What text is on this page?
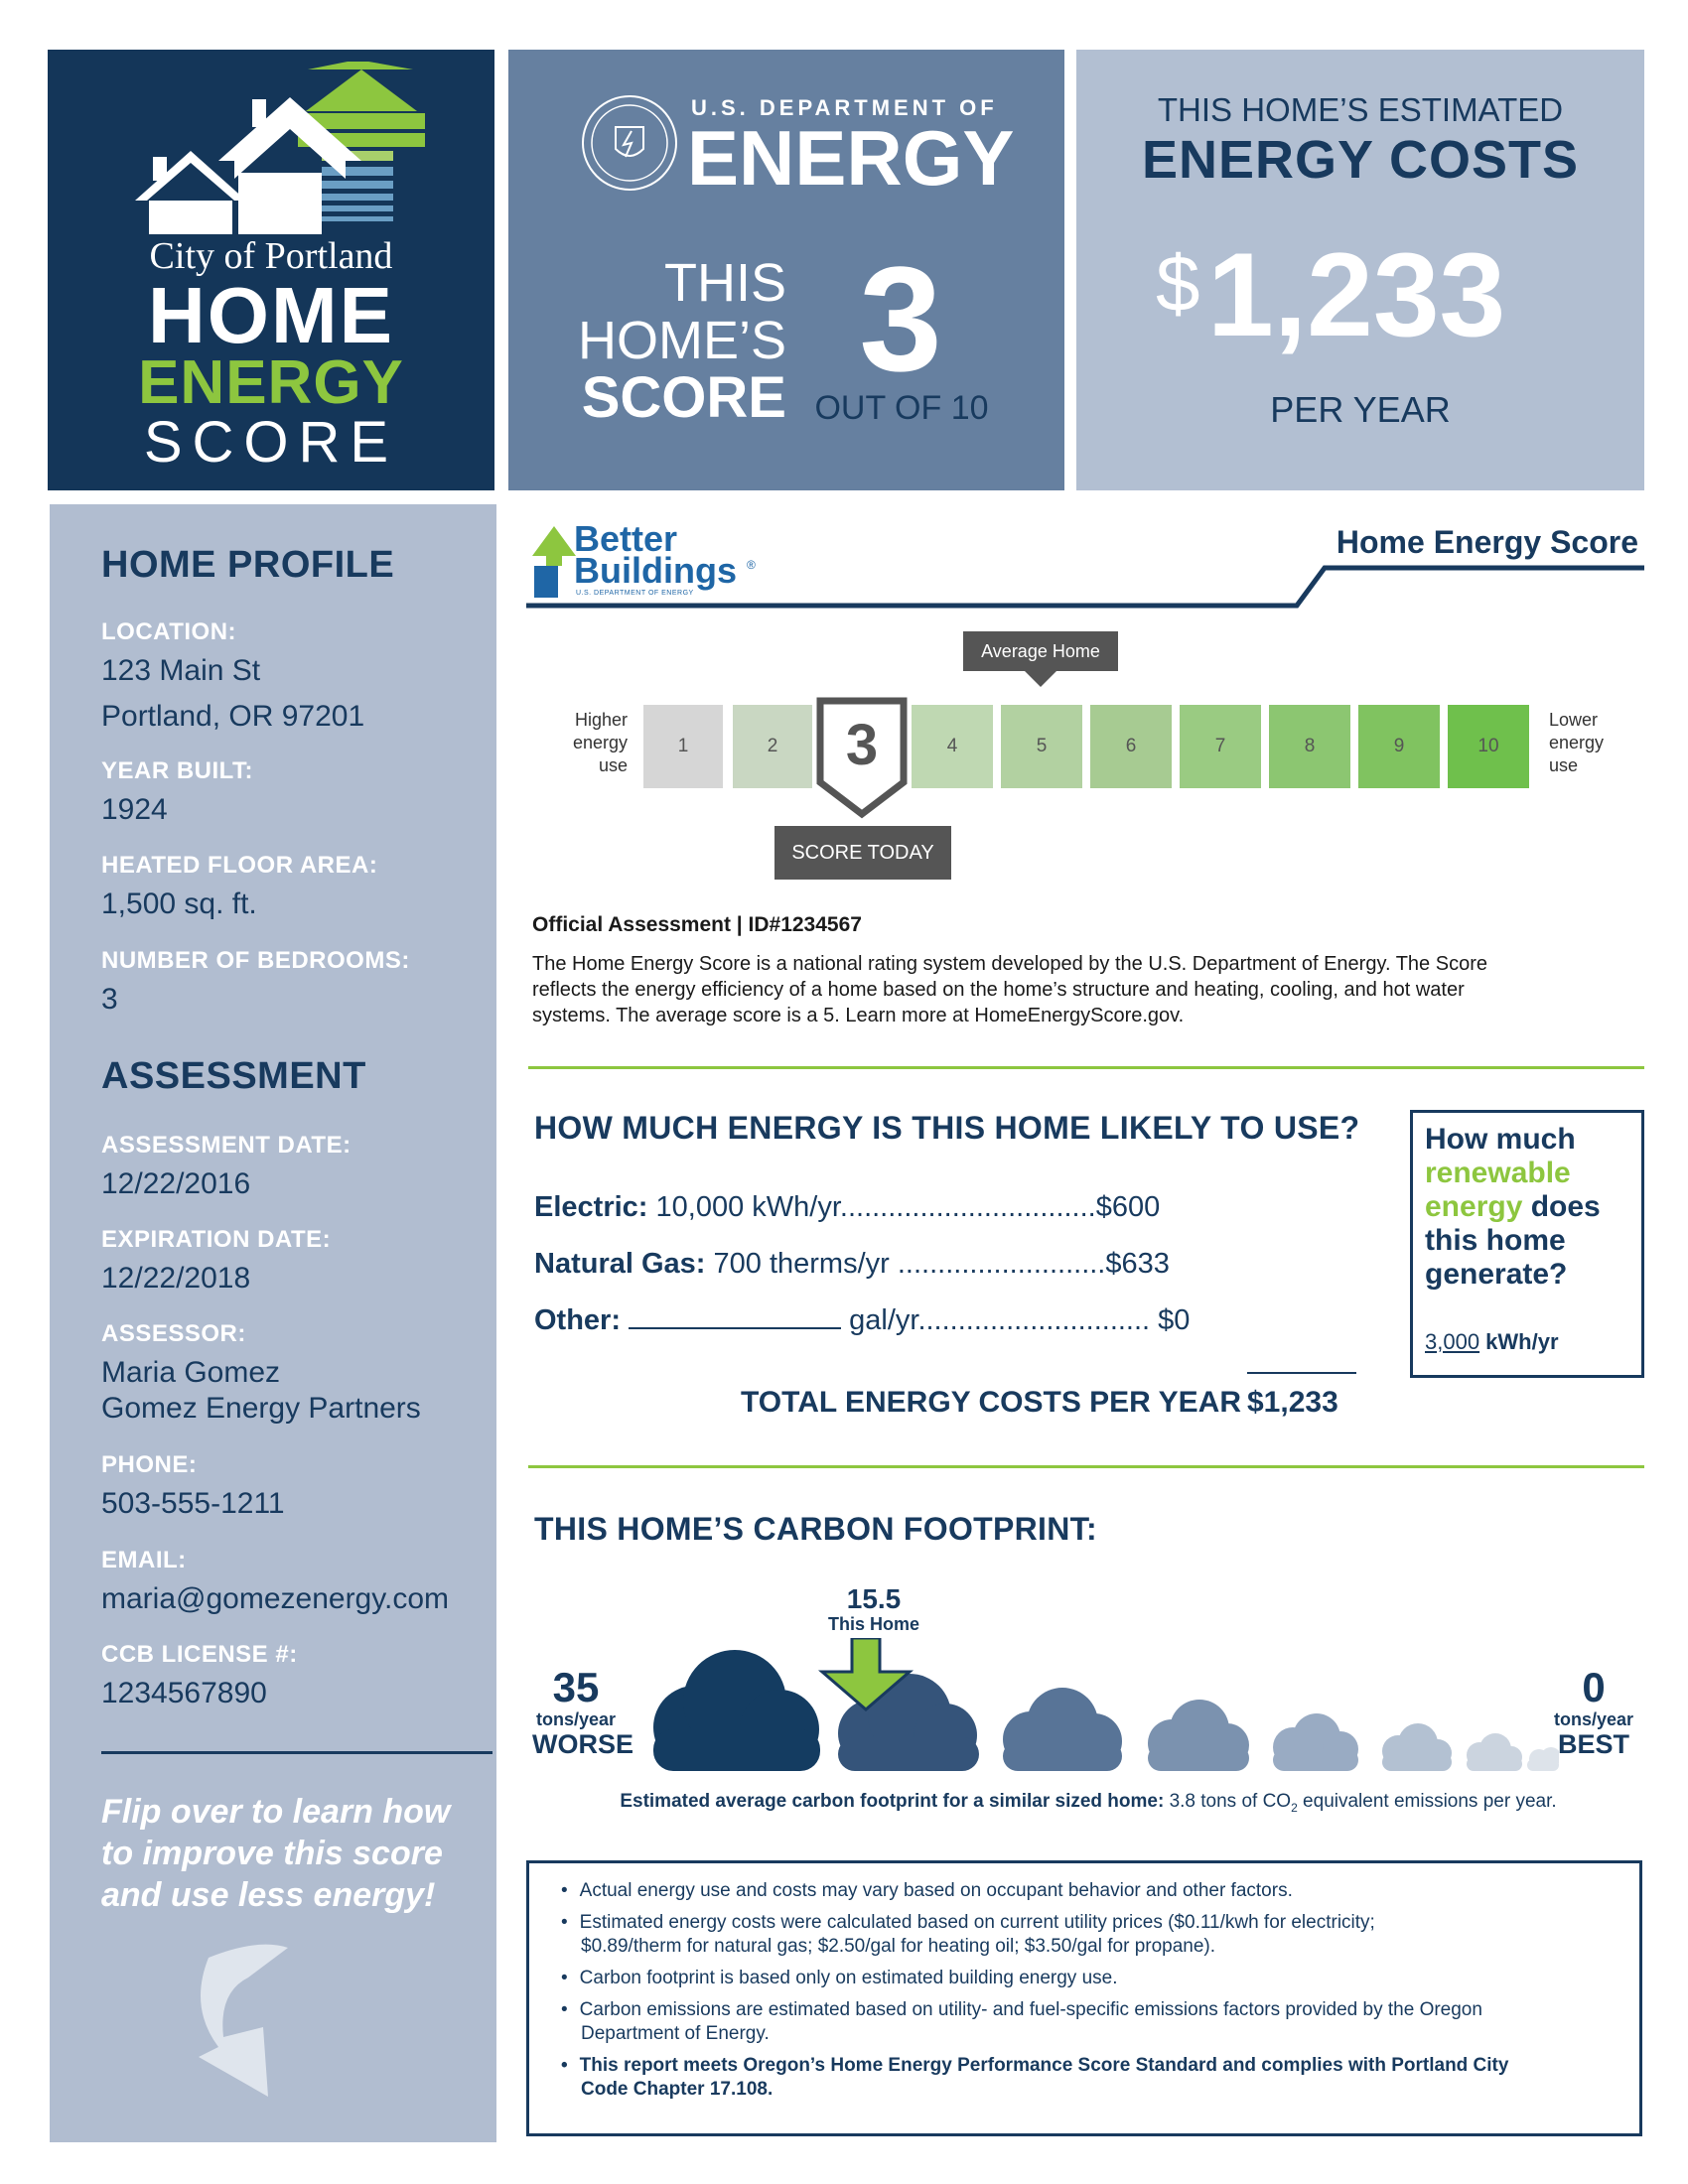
City of Portland
HOME
ENERGY
SCORE
U.S. DEPARTMENT OF
ENERGY
THIS
HOME’S
SCORE 3
OUT OF 10
THIS HOME’S ESTIMATED
ENERGY COSTS
$ 1,233
PER YEAR
HOME PROFILE
LOCATION:
123 Main St
Portland, OR 97201
YEAR BUILT:
1924
HEATED FLOOR AREA:
1,500 sq. ft.
NUMBER OF BEDROOMS:
3
ASSESSMENT
ASSESSMENT DATE:
12/22/2016
EXPIRATION DATE:
12/22/2018
ASSESSOR:
Maria Gomez
Gomez Energy Partners
PHONE:
503-555-1211
EMAIL:
maria@gomezenergy.com
CCB LICENSE #:
1234567890
Flip over to learn how
to improve this score
and use less energy!
Better
Buildings ®
U.S. DEPARTMENT OF ENERGY
Home Energy Score
Average Home
Higher
energy
use
Lower
energy
use
1	2	4	5	6	7	8	9	10
3
SCORE TODAY
Official Assessment | ID#1234567
The Home Energy Score is a national rating system developed by the U.S. Department of Energy. The Score
reflects the energy efficiency of a home based on the home’s structure and heating, cooling, and hot water
systems. The average score is a 5. Learn more at HomeEnergyScore.gov.
HOW MUCH ENERGY IS THIS HOME LIKELY TO USE?
Electric: 10,000 kWh/yr................................$600
Natural Gas: 700 therms/yr ..........................$633
Other:	gal/yr............................. $0
TOTAL ENERGY COSTS PER YEAR $1,233
How much
renewable
energy does
this home
generate?
3,000 kWh/yr
THIS HOME’S CARBON FOOTPRINT:
15.5
This Home
35
tons/year
WORSE
0
tons/year
BEST
Estimated average carbon footprint for a similar sized home: 3.8 tons of $CO_2$ equivalent emissions per year.
• Actual energy use and costs may vary based on occupant behavior and other factors.
• Estimated energy costs were calculated based on current utility prices ($0.11/kwh for electricity;
$0.89/therm for natural gas; $2.50/gal for heating oil; $3.50/gal for propane).
• Carbon footprint is based only on estimated building energy use.
• Carbon emissions are estimated based on utility- and fuel-specific emissions factors provided by the Oregon
Department of Energy.
• This report meets Oregon’s Home Energy Performance Score Standard and complies with Portland City
Code Chapter 17.108.
